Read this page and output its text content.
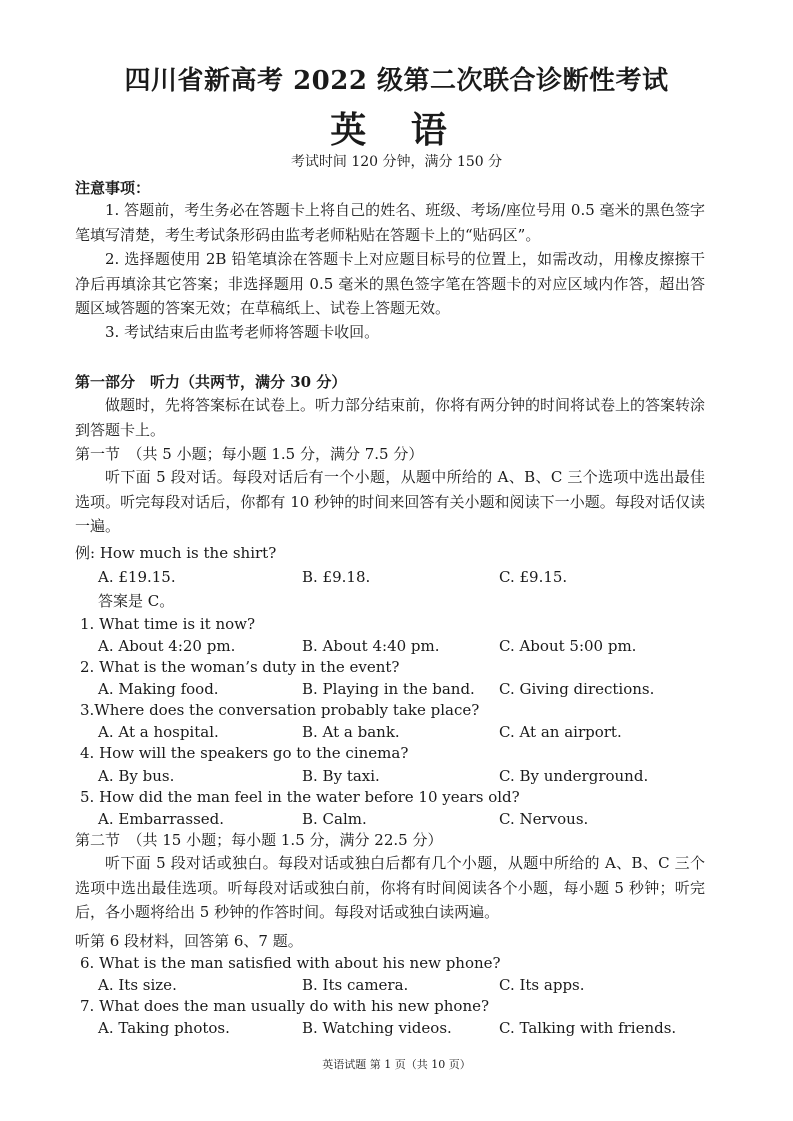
四川省新高考 2022 级第二次联合诊断性考试
英 语
考试时间 120 分钟，满分 150 分
注意事项：
1. 答题前，考生务必在答题卡上将自己的姓名、班级、考场/座位号用 0.5 毫米的黑色签字笔填写清楚，考生考试条形码由监考老师粘贴在答题卡上的“贴码区”。
2. 选择题使用 2B 铅笔填涂在答题卡上对应题目标号的位置上，如需改动，用橡皮擦擦干净后再填涂其它答案；非选择题用 0.5 毫米的黑色签字笔在答题卡的对应区域内作答，超出答题区域答题的答案无效；在草稿纸上、试卷上答题无效。
3. 考试结束后由监考老师将答题卡收回。
第一部分　听力（共两节，满分 30 分）
做题时，先将答案标在试卷上。听力部分结束前，你将有两分钟的时间将试卷上的答案转涂到答题卡上。
第一节　（共 5 小题；每小题 1.5 分，满分 7.5 分）
听下面 5 段对话。每段对话后有一个小题，从题中所给的 A、B、C 三个选项中选出最佳选项。听完每段对话后，你都有 10 秒钟的时间来回答有关小题和阅读下一小题。每段对话仅读一遍。
例: How much is the shirt?
A. £19.15.	B. £9.18.	C. £9.15.
答案是 C。
1. What time is it now?
A. About 4:20 pm.	B. About 4:40 pm.	C. About 5:00 pm.
2. What is the woman’s duty in the event?
A. Making food.	B. Playing in the band. C. Giving directions.
3.Where does the conversation probably take place?
A. At a hospital.	B. At a bank.	C. At an airport.
4. How will the speakers go to the cinema?
A. By bus.	B. By taxi.	C. By underground.
5. How did the man feel in the water before 10 years old?
A. Embarrassed.	B. Calm.	C. Nervous.
第二节　（共 15 小题；每小题 1.5 分，满分 22.5 分）
听下面 5 段对话或独白。每段对话或独白后都有几个小题，从题中所给的 A、B、C 三个选项中选出最佳选项。听每段对话或独白前，你将有时间阅读各个小题，每小题 5 秒钟；听完后，各小题将给出 5 秒钟的作答时间。每段对话或独白读两遍。
听第 6 段材料，回答第 6、7 题。
6. What is the man satisfied with about his new phone?
A. Its size.	B. Its camera.	C. Its apps.
7. What does the man usually do with his new phone?
A. Taking photos.	B. Watching videos.	C. Talking with friends.
英语试题 第 1 页（共 10 页）
